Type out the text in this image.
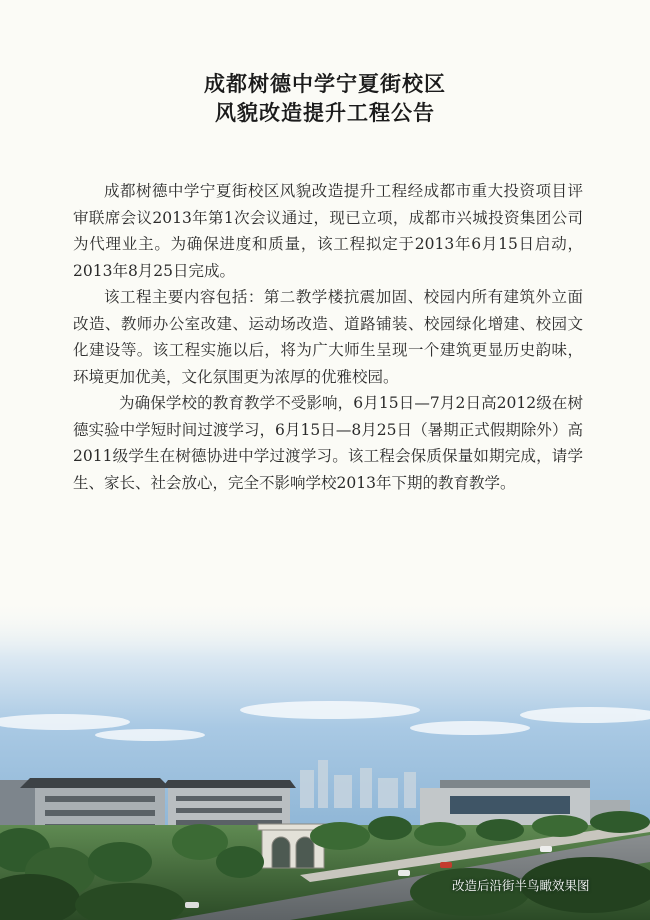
成都树德中学宁夏街校区
风貌改造提升工程公告

成都树德中学宁夏街校区风貌改造提升工程经成都市重大投资项目评审联席会议2013年第1次会议通过，现已立项，成都市兴城投资集团公司为代理业主。为确保进度和质量，该工程拟定于2013年6月15日启动，2013年8月25日完成。

该工程主要内容包括：第二教学楼抗震加固、校园内所有建筑外立面改造、教师办公室改建、运动场改造、道路铺装、校园绿化增建、校园文化建设等。该工程实施以后，将为广大师生呈现一个建筑更显历史韵味，环境更加优美，文化氛围更为浓厚的优雅校园。

为确保学校的教育教学不受影响，6月15日—7月2日高2012级在树德实验中学短时间过渡学习，6月15日—8月25日（暑期正式假期除外）高2011级学生在树德协进中学过渡学习。该工程会保质保量如期完成，请学生、家长、社会放心，完全不影响学校2013年下期的教育教学。

改造后沿街半鸟瞰效果图
